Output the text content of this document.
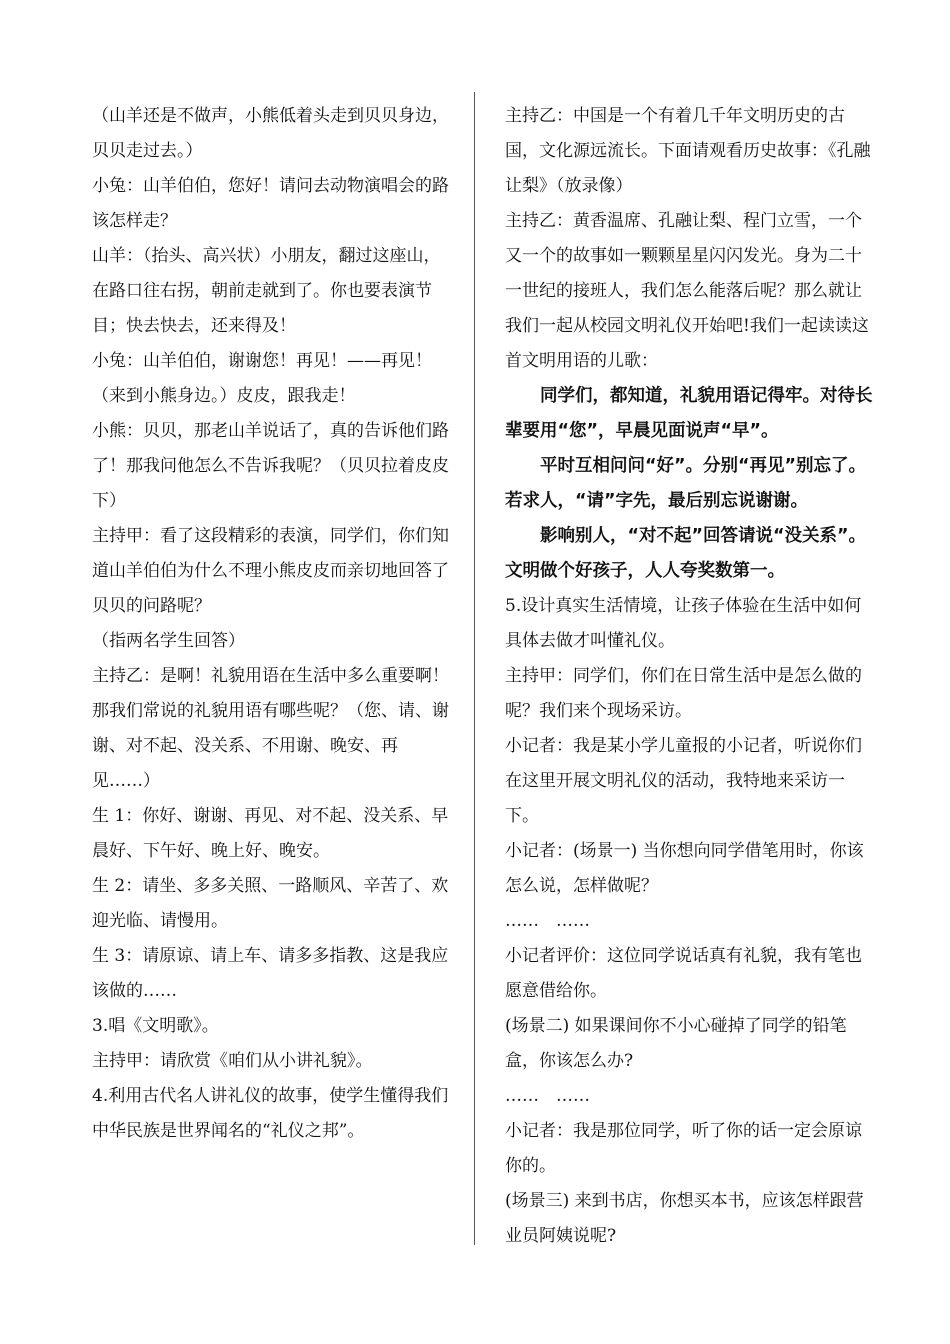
（山羊还是不做声，小熊低着头走到贝贝身边，贝贝走过去。）

小兔：山羊伯伯，您好！请问去动物演唱会的路该怎样走？

山羊：（抬头、高兴状）小朋友，翻过这座山，在路口往右拐，朝前走就到了。你也要表演节目；快去快去，还来得及！

小兔：山羊伯伯，谢谢您！再见！——再见！（来到小熊身边。）皮皮，跟我走！

小熊：贝贝，那老山羊说话了，真的告诉他们路了！那我问他怎么不告诉我呢？（贝贝拉着皮皮下）

主持甲：看了这段精彩的表演，同学们，你们知道山羊伯伯为什么不理小熊皮皮而亲切地回答了贝贝的问路呢？

（指两名学生回答）

主持乙：是啊！礼貌用语在生活中多么重要啊！那我们常说的礼貌用语有哪些呢？（您、请、谢谢、对不起、没关系、不用谢、晚安、再见……）

生 1：你好、谢谢、再见、对不起、没关系、早晨好、下午好、晚上好、晚安。

生 2：请坐、多多关照、一路顺风、辛苦了、欢迎光临、请慢用。

生 3：请原谅、请上车、请多多指教、这是我应该做的……

3.唱《文明歌》。

主持甲：请欣赏《咱们从小讲礼貌》。

4.利用古代名人讲礼仪的故事，使学生懂得我们中华民族是世界闻名的“礼仪之邦”。

主持乙：中国是一个有着几千年文明历史的古国，文化源远流长。下面请观看历史故事：《孔融让梨》（放录像）

主持乙：黄香温席、孔融让梨、程门立雪，一个又一个的故事如一颗颗星星闪闪发光。身为二十一世纪的接班人，我们怎么能落后呢？那么就让我们一起从校园文明礼仪开始吧!我们一起读读这首文明用语的儿歌：

同学们，都知道，礼貌用语记得牢。对待长辈要用“您”，早晨见面说声“早”。

平时互相问问“好”。分别“再见”别忘了。若求人，“请”字先，最后别忘说谢谢。

影响别人，“对不起”回答请说“没关系”。文明做个好孩子，人人夸奖数第一。

5.设计真实生活情境，让孩子体验在生活中如何具体去做才叫懂礼仪。

主持甲：同学们，你们在日常生活中是怎么做的呢？我们来个现场采访。

小记者：我是某小学儿童报的小记者，听说你们在这里开展文明礼仪的活动，我特地来采访一下。

小记者：(场景一) 当你想向同学借笔用时，你该怎么说，怎样做呢？

……　……

小记者评价：这位同学说话真有礼貌，我有笔也愿意借给你。

(场景二) 如果课间你不小心碰掉了同学的铅笔盒，你该怎么办?

……　……

小记者：我是那位同学，听了你的话一定会原谅你的。

(场景三) 来到书店，你想买本书，应该怎样跟营业员阿姨说呢?
